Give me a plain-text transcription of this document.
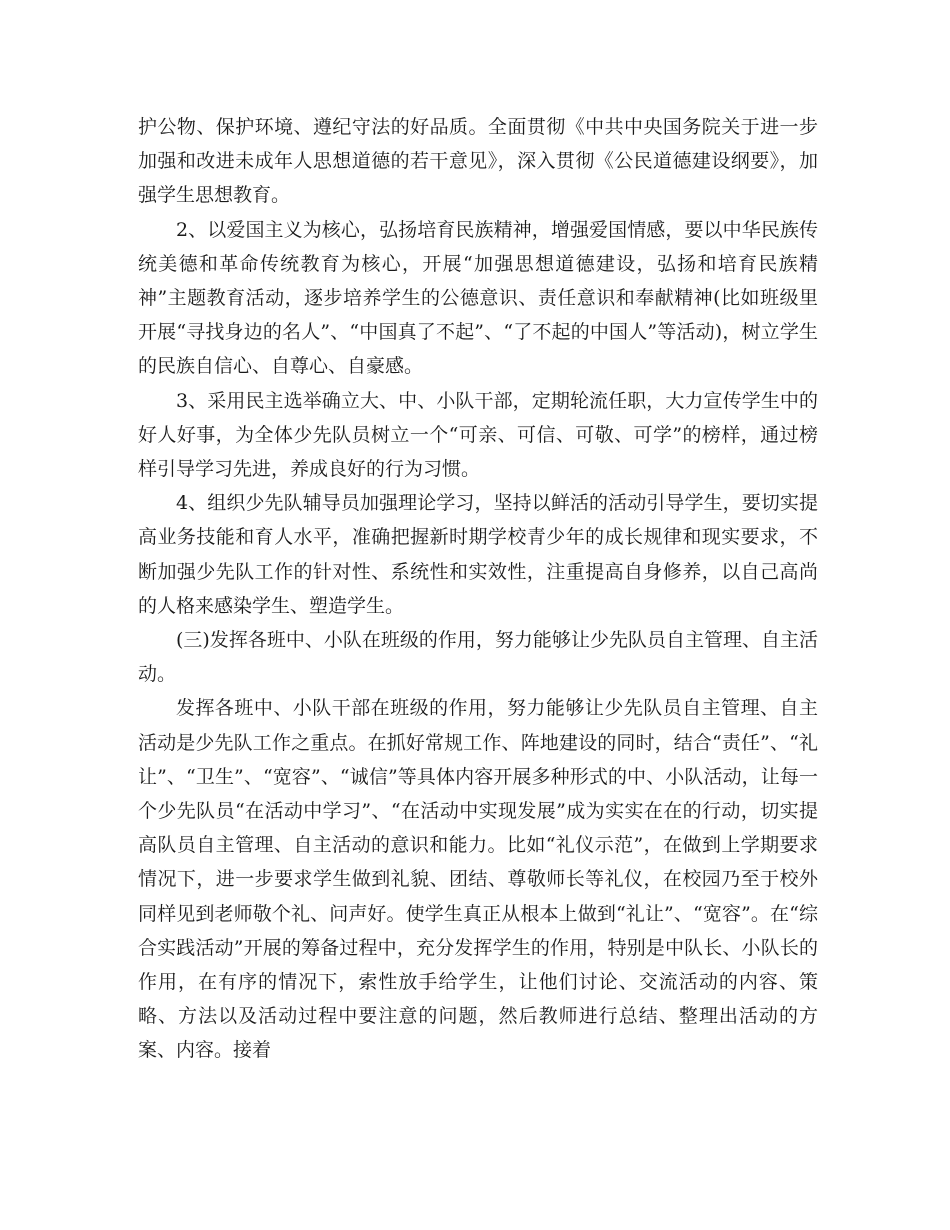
护公物、保护环境、遵纪守法的好品质。全面贯彻《中共中央国务院关于进一步加强和改进未成年人思想道德的若干意见》，深入贯彻《公民道德建设纲要》，加强学生思想教育。

2、以爱国主义为核心，弘扬培育民族精神，增强爱国情感，要以中华民族传统美德和革命传统教育为核心，开展“加强思想道德建设，弘扬和培育民族精神”主题教育活动，逐步培养学生的公德意识、责任意识和奉献精神(比如班级里开展“寻找身边的名人”、“中国真了不起”、“了不起的中国人”等活动)，树立学生的民族自信心、自尊心、自豪感。

3、采用民主选举确立大、中、小队干部，定期轮流任职，大力宣传学生中的好人好事，为全体少先队员树立一个“可亲、可信、可敬、可学”的榜样，通过榜样引导学习先进，养成良好的行为习惯。

4、组织少先队辅导员加强理论学习，坚持以鲜活的活动引导学生，要切实提高业务技能和育人水平，准确把握新时期学校青少年的成长规律和现实要求，不断加强少先队工作的针对性、系统性和实效性，注重提高自身修养，以自己高尚的人格来感染学生、塑造学生。

(三)发挥各班中、小队在班级的作用，努力能够让少先队员自主管理、自主活动。

发挥各班中、小队干部在班级的作用，努力能够让少先队员自主管理、自主活动是少先队工作之重点。在抓好常规工作、阵地建设的同时，结合“责任”、“礼让”、“卫生”、“宽容”、“诚信”等具体内容开展多种形式的中、小队活动，让每一个少先队员“在活动中学习”、“在活动中实现发展”成为实实在在的行动，切实提高队员自主管理、自主活动的意识和能力。比如“礼仪示范”，在做到上学期要求情况下，进一步要求学生做到礼貌、团结、尊敬师长等礼仪，在校园乃至于校外同样见到老师敬个礼、问声好。使学生真正从根本上做到“礼让”、“宽容”。在“综合实践活动”开展的筹备过程中，充分发挥学生的作用，特别是中队长、小队长的作用，在有序的情况下，索性放手给学生，让他们讨论、交流活动的内容、策略、方法以及活动过程中要注意的问题，然后教师进行总结、整理出活动的方案、内容。接着
